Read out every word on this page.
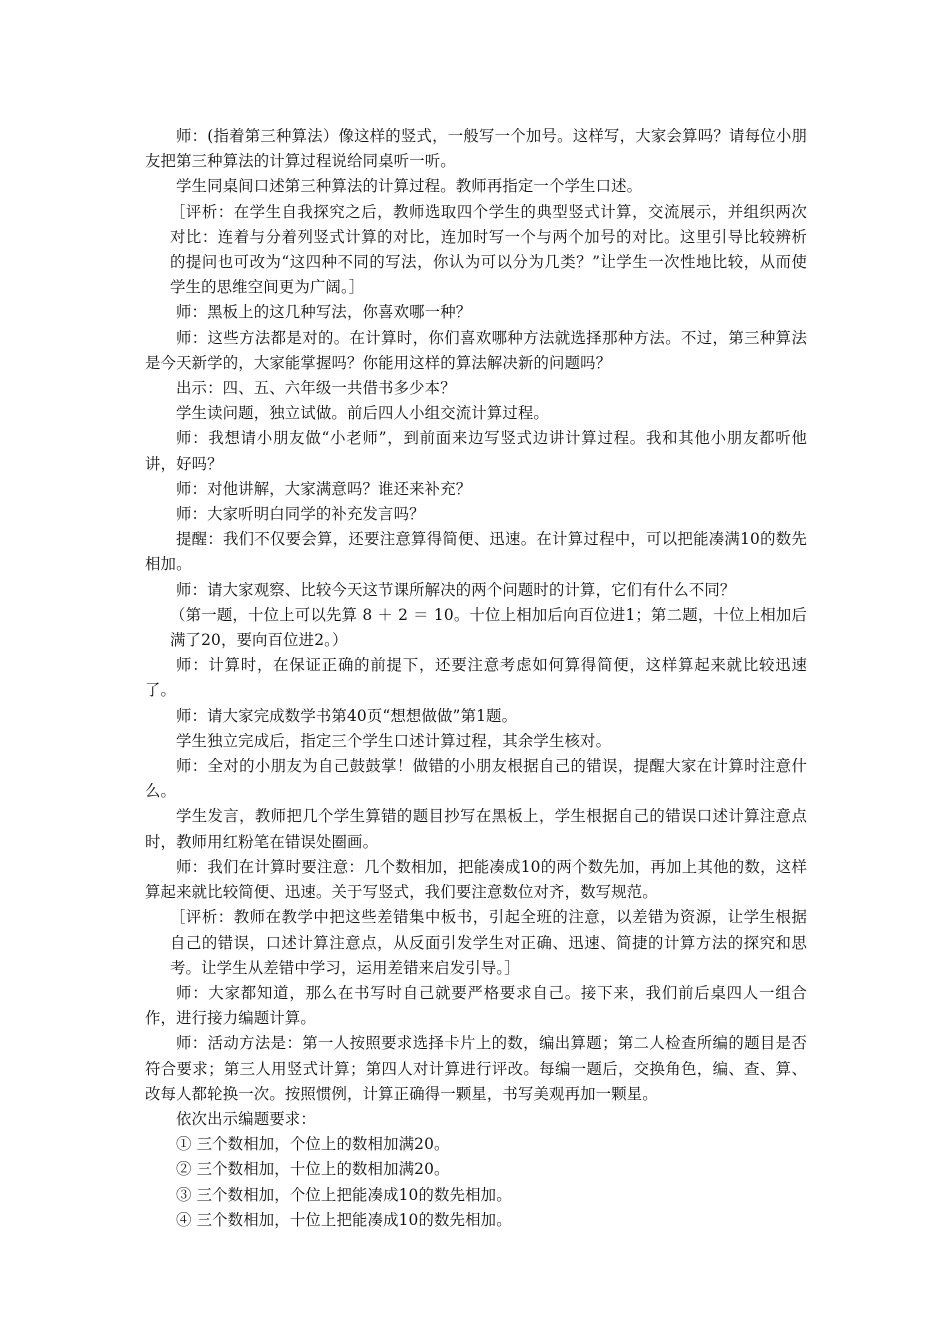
师：(指着第三种算法）像这样的竖式，一般写一个加号。这样写，大家会算吗？请每位小朋友把第三种算法的计算过程说给同桌听一听。

学生同桌间口述第三种算法的计算过程。教师再指定一个学生口述。

［评析：在学生自我探究之后，教师选取四个学生的典型竖式计算，交流展示，并组织两次对比：连着与分着列竖式计算的对比，连加时写一个与两个加号的对比。这里引导比较辨析的提问也可改为“这四种不同的写法，你认为可以分为几类？”让学生一次性地比较，从而使学生的思维空间更为广阔。］

师：黑板上的这几种写法，你喜欢哪一种？

师：这些方法都是对的。在计算时，你们喜欢哪种方法就选择那种方法。不过，第三种算法是今天新学的，大家能掌握吗？你能用这样的算法解决新的问题吗？

出示：四、五、六年级一共借书多少本？

学生读问题，独立试做。前后四人小组交流计算过程。

师：我想请小朋友做“小老师”，到前面来边写竖式边讲计算过程。我和其他小朋友都听他讲，好吗？

师：对他讲解，大家满意吗？谁还来补充？

师：大家听明白同学的补充发言吗？

提醒：我们不仅要会算，还要注意算得简便、迅速。在计算过程中，可以把能凑满10的数先相加。

师：请大家观察、比较今天这节课所解决的两个问题时的计算，它们有什么不同？

（第一题，十位上可以先算 8 ＋ 2 ＝ 10。十位上相加后向百位进1；第二题，十位上相加后满了20，要向百位进2。）

师：计算时，在保证正确的前提下，还要注意考虑如何算得简便，这样算起来就比较迅速了。

师：请大家完成数学书第40页“想想做做”第1题。

学生独立完成后，指定三个学生口述计算过程，其余学生核对。

师：全对的小朋友为自己鼓鼓掌！做错的小朋友根据自己的错误，提醒大家在计算时注意什么。

学生发言，教师把几个学生算错的题目抄写在黑板上，学生根据自己的错误口述计算注意点时，教师用红粉笔在错误处圈画。

师：我们在计算时要注意：几个数相加，把能凑成10的两个数先加，再加上其他的数，这样算起来就比较简便、迅速。关于写竖式，我们要注意数位对齐，数写规范。

［评析：教师在教学中把这些差错集中板书，引起全班的注意，以差错为资源，让学生根据自己的错误，口述计算注意点，从反面引发学生对正确、迅速、简捷的计算方法的探究和思考。让学生从差错中学习，运用差错来启发引导。］

师：大家都知道，那么在书写时自己就要严格要求自己。接下来，我们前后桌四人一组合作，进行接力编题计算。

师：活动方法是：第一人按照要求选择卡片上的数，编出算题；第二人检查所编的题目是否符合要求；第三人用竖式计算；第四人对计算进行评改。每编一题后，交换角色，编、查、算、改每人都轮换一次。按照惯例，计算正确得一颗星，书写美观再加一颗星。

依次出示编题要求：

① 三个数相加，个位上的数相加满20。

② 三个数相加，十位上的数相加满20。

③ 三个数相加，个位上把能凑成10的数先相加。

④ 三个数相加，十位上把能凑成10的数先相加。
